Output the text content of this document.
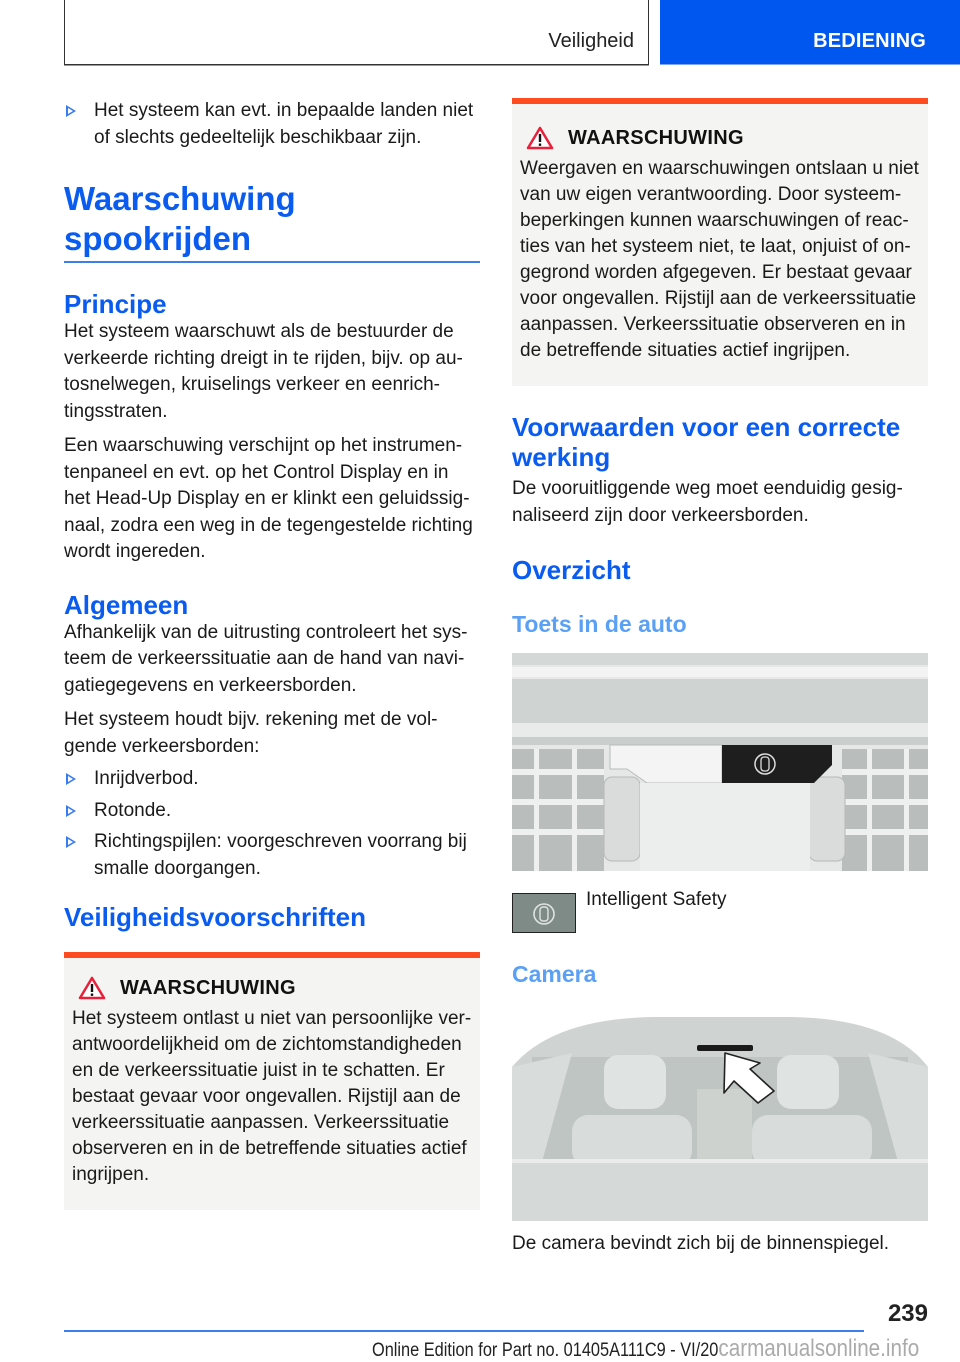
Veiligheid	BEDIENING
Het systeem kan evt. in bepaalde landen niet of slechts gedeeltelijk beschikbaar zijn.
Waarschuwing spookrijden
Principe

Het systeem waarschuwt als de bestuurder de verkeerde richting dreigt in te rijden, bijv. op au- tosnelwegen, kruiselings verkeer en eenrich- tingsstraten.

Een waarschuwing verschijnt op het instrumen- tenpaneel en evt. op het Control Display en in het Head-Up Display en er klinkt een geluidssig- naal, zodra een weg in de tegengestelde richting wordt ingereden.

Algemeen

Afhankelijk van de uitrusting controleert het sys- teem de verkeerssituatie aan de hand van navi- gatiegegevens en verkeersborden.

Het systeem houdt bijv. rekening met de vol- gende verkeersborden:

Inrijdverbod.
Rotonde.
Richtingspijlen: voorgeschreven voorrang bij smalle doorgangen.
Veiligheidsvoorschriften
WAARSCHUWING

Het systeem ontlast u niet van persoonlijke ver- antwoordelijkheid om de zichtomstandigheden en de verkeerssituatie juist in te schatten. Er bestaat gevaar voor ongevallen. Rijstijl aan de verkeerssituatie aanpassen. Verkeerssituatie observeren en in de betreffende situaties actief ingrijpen.

WAARSCHUWING

Weergaven en waarschuwingen ontslaan u niet van uw eigen verantwoording. Door systeem- beperkingen kunnen waarschuwingen of reac- ties van het systeem niet, te laat, onjuist of on- gegrond worden afgegeven. Er bestaat gevaar voor ongevallen. Rijstijl aan de verkeerssituatie aanpassen. Verkeerssituatie observeren en in de betreffende situaties actief ingrijpen.

Voorwaarden voor een correcte werking

De vooruitliggende weg moet eenduidig gesig- naliseerd zijn door verkeersborden.

Overzicht
Toets in de auto

Intelligent Safety

Camera

De camera bevindt zich bij de binnenspiegel.

239
Online Edition for Part no. 01405A111C9 - VI/20carmanualsonline.info
